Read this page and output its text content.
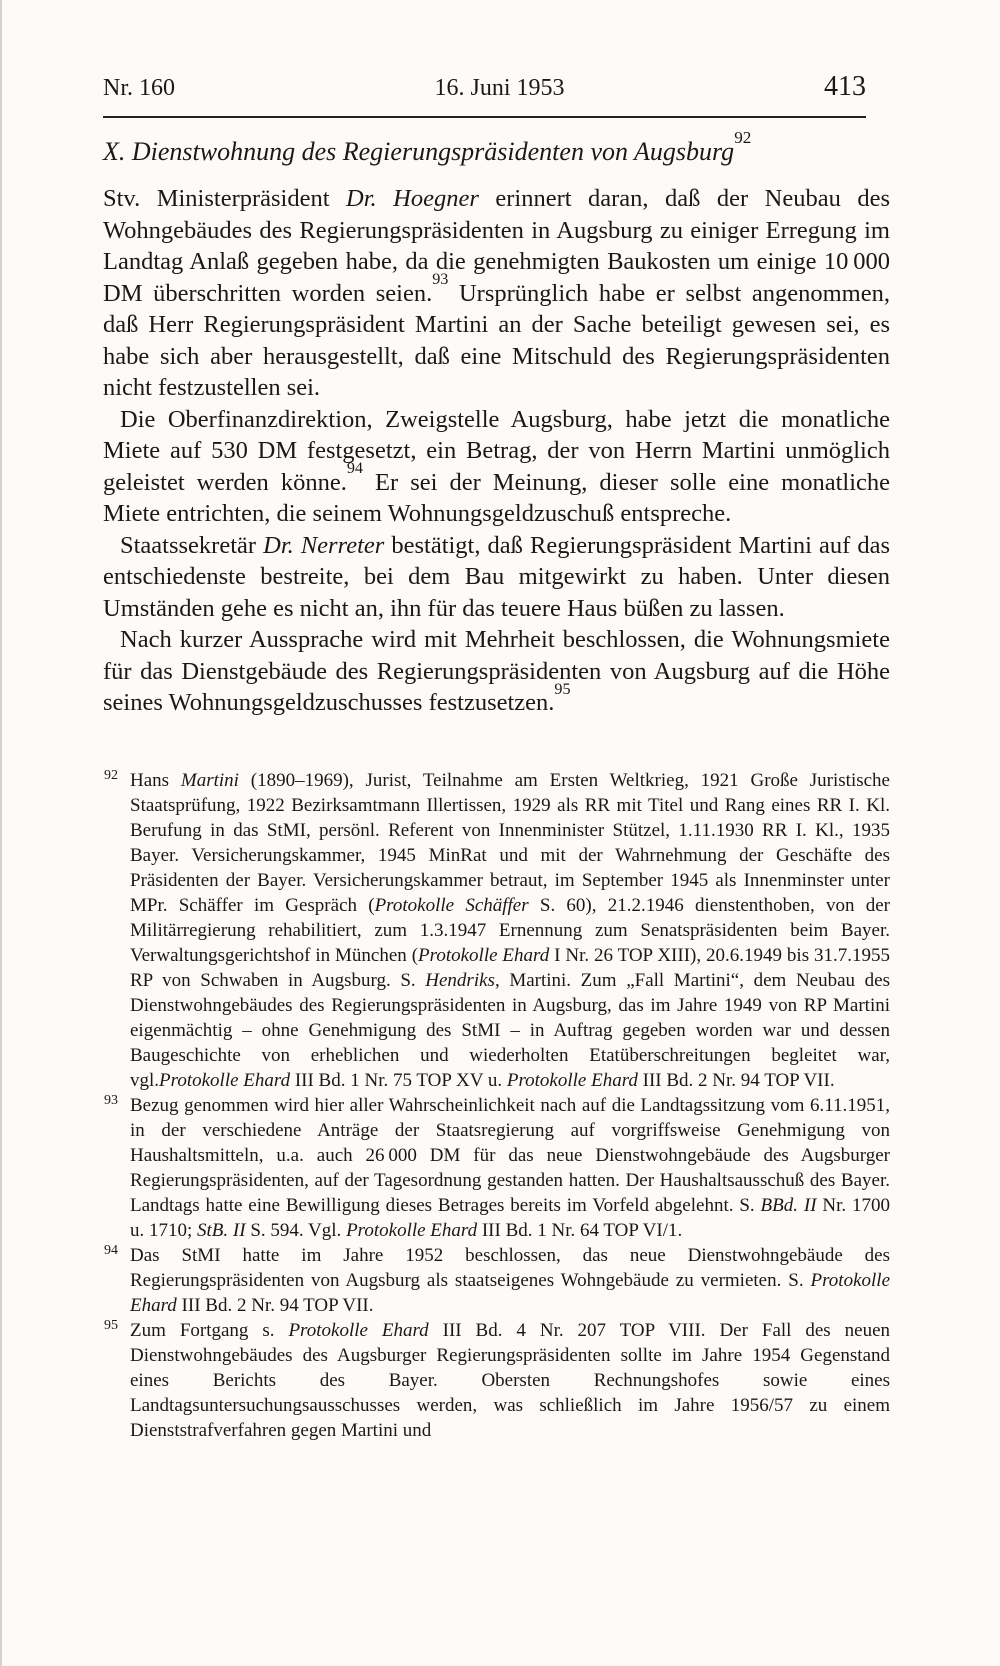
Nr. 160	16. Juni 1953	413
X. Dienstwohnung des Regierungspräsidenten von Augsburg$^{92}$

Stv. Ministerpräsident Dr. Hoegner erinnert daran, daß der Neubau des Wohngebäudes des Regierungspräsidenten in Augsburg zu einiger Erregung im Landtag Anlaß gegeben habe, da die genehmigten Baukosten um einige 10 000 DM überschritten worden seien.$^{93}$ Ursprünglich habe er selbst angenommen, daß Herr Regierungspräsident Martini an der Sache beteiligt gewesen sei, es habe sich aber herausgestellt, daß eine Mitschuld des Regierungspräsidenten nicht festzustellen sei.

Die Oberfinanzdirektion, Zweigstelle Augsburg, habe jetzt die monatliche Miete auf 530 DM festgesetzt, ein Betrag, der von Herrn Martini unmöglich geleistet werden könne.$^{94}$ Er sei der Meinung, dieser solle eine monatliche Miete entrichten, die seinem Wohnungsgeldzuschuß entspreche.

Staatssekretär Dr. Nerreter bestätigt, daß Regierungspräsident Martini auf das entschiedenste bestreite, bei dem Bau mitgewirkt zu haben. Unter diesen Umständen gehe es nicht an, ihn für das teuere Haus büßen zu lassen.

Nach kurzer Aussprache wird mit Mehrheit beschlossen, die Wohnungsmiete für das Dienstgebäude des Regierungspräsidenten von Augsburg auf die Höhe seines Wohnungsgeldzuschusses festzusetzen.$^{95}$

92 Hans Martini (1890–1969), Jurist, Teilnahme am Ersten Weltkrieg, 1921 Große Juristische Staatsprüfung, 1922 Bezirksamtmann Illertissen, 1929 als RR mit Titel und Rang eines RR I. Kl. Berufung in das StMI, persönl. Referent von Innenminister Stützel, 1.11.1930 RR I. Kl., 1935 Bayer. Versicherungskammer, 1945 MinRat und mit der Wahrnehmung der Geschäfte des Präsidenten der Bayer. Versicherungskammer betraut, im September 1945 als Innenminster unter MPr. Schäffer im Gespräch (Protokolle Schäffer S. 60), 21.2.1946 dienstenthoben, von der Militärregierung rehabilitiert, zum 1.3.1947 Ernennung zum Senatspräsidenten beim Bayer. Verwaltungsgerichtshof in München (Protokolle Ehard I Nr. 26 TOP XIII), 20.6.1949 bis 31.7.1955 RP von Schwaben in Augsburg. S. Hendriks, Martini. Zum „Fall Martini“, dem Neubau des Dienstwohngebäudes des Regierungspräsidenten in Augsburg, das im Jahre 1949 von RP Martini eigenmächtig – ohne Genehmigung des StMI – in Auftrag gegeben worden war und dessen Baugeschichte von erheblichen und wiederholten Etatüberschreitungen begleitet war, vgl.Protokolle Ehard III Bd. 1 Nr. 75 TOP XV u. Protokolle Ehard III Bd. 2 Nr. 94 TOP VII.
93 Bezug genommen wird hier aller Wahrscheinlichkeit nach auf die Landtagssitzung vom 6.11.1951, in der verschiedene Anträge der Staatsregierung auf vorgriffsweise Genehmigung von Haushaltsmitteln, u.a. auch 26 000 DM für das neue Dienstwohngebäude des Augsburger Regierungspräsidenten, auf der Tagesordnung gestanden hatten. Der Haushaltsausschuß des Bayer. Landtags hatte eine Bewilligung dieses Betrages bereits im Vorfeld abgelehnt. S. BBd. II Nr. 1700 u. 1710; StB. II S. 594. Vgl. Protokolle Ehard III Bd. 1 Nr. 64 TOP VI/1.
94 Das StMI hatte im Jahre 1952 beschlossen, das neue Dienstwohngebäude des Regierungspräsidenten von Augsburg als staatseigenes Wohngebäude zu vermieten. S. Protokolle Ehard III Bd. 2 Nr. 94 TOP VII.
95 Zum Fortgang s. Protokolle Ehard III Bd. 4 Nr. 207 TOP VIII. Der Fall des neuen Dienstwohngebäudes des Augsburger Regierungspräsidenten sollte im Jahre 1954 Gegenstand eines Berichts des Bayer. Obersten Rechnungshofes sowie eines Landtagsuntersuchungsausschusses werden, was schließlich im Jahre 1956/57 zu einem Dienststrafverfahren gegen Martini und
